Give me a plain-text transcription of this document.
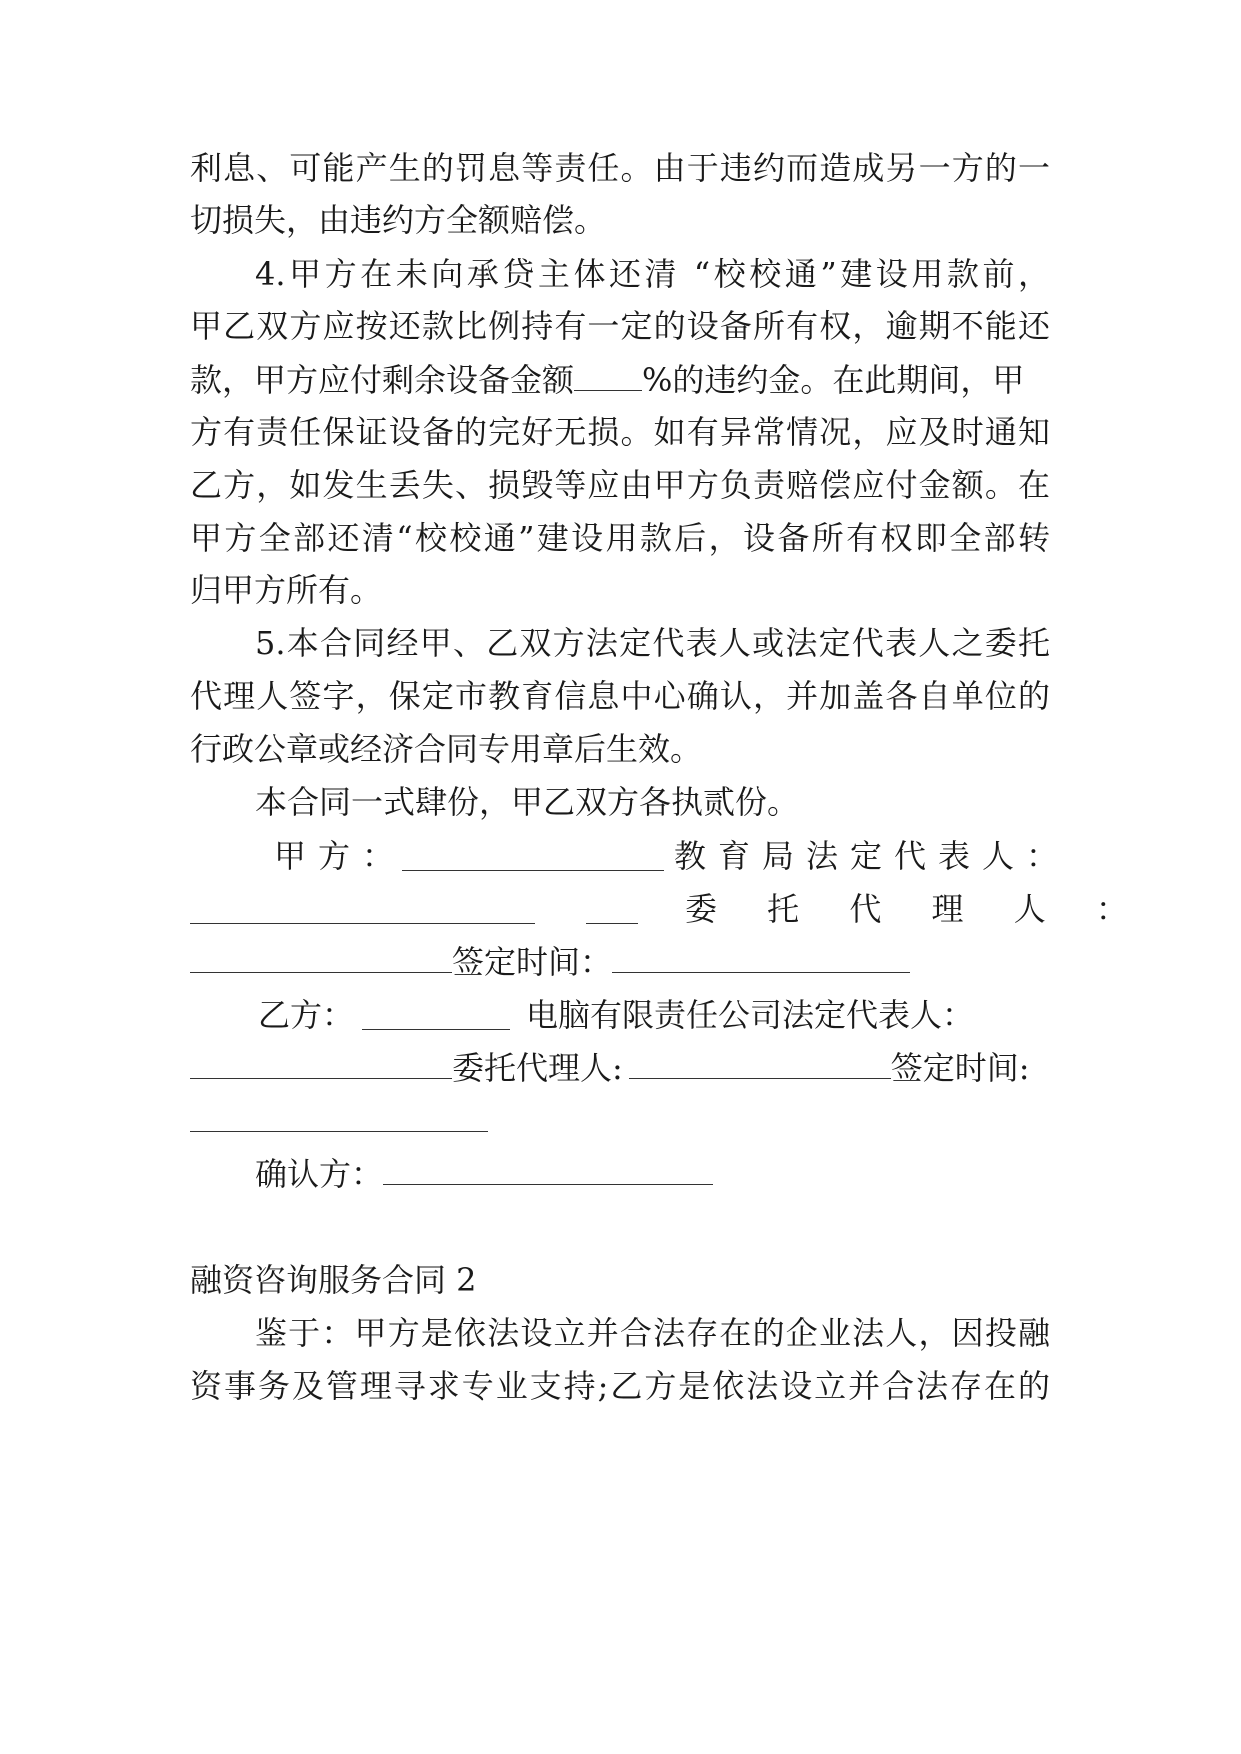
利息、可能产生的罚息等责任。由于违约而造成另一方的一
切损失，由违约方全额赔偿。
4.甲方在未向承贷主体还清 “校校通”建设用款前，
甲乙双方应按还款比例持有一定的设备所有权，逾期不能还
款，甲方应付剩余设备金额 %的违约金。在此期间，甲
方有责任保证设备的完好无损。如有异常情况，应及时通知
乙方，如发生丢失、损毁等应由甲方负责赔偿应付金额。在
甲方全部还清“校校通”建设用款后，设备所有权即全部转
归甲方所有。
5.本合同经甲、乙双方法定代表人或法定代表人之委托
代理人签字，保定市教育信息中心确认，并加盖各自单位的
行政公章或经济合同专用章后生效。
本合同一式肆份，甲乙双方各执贰份。
甲方：	教育局法定代表人：
委 托 代 理 人 ：
签定时间：
乙方：	电脑有限责任公司法定代表人：
委托代理人:	签定时间:
确认方：
融资咨询服务合同 2
鉴于：甲方是依法设立并合法存在的企业法人，因投融
资事务及管理寻求专业支持;乙方是依法设立并合法存在的
